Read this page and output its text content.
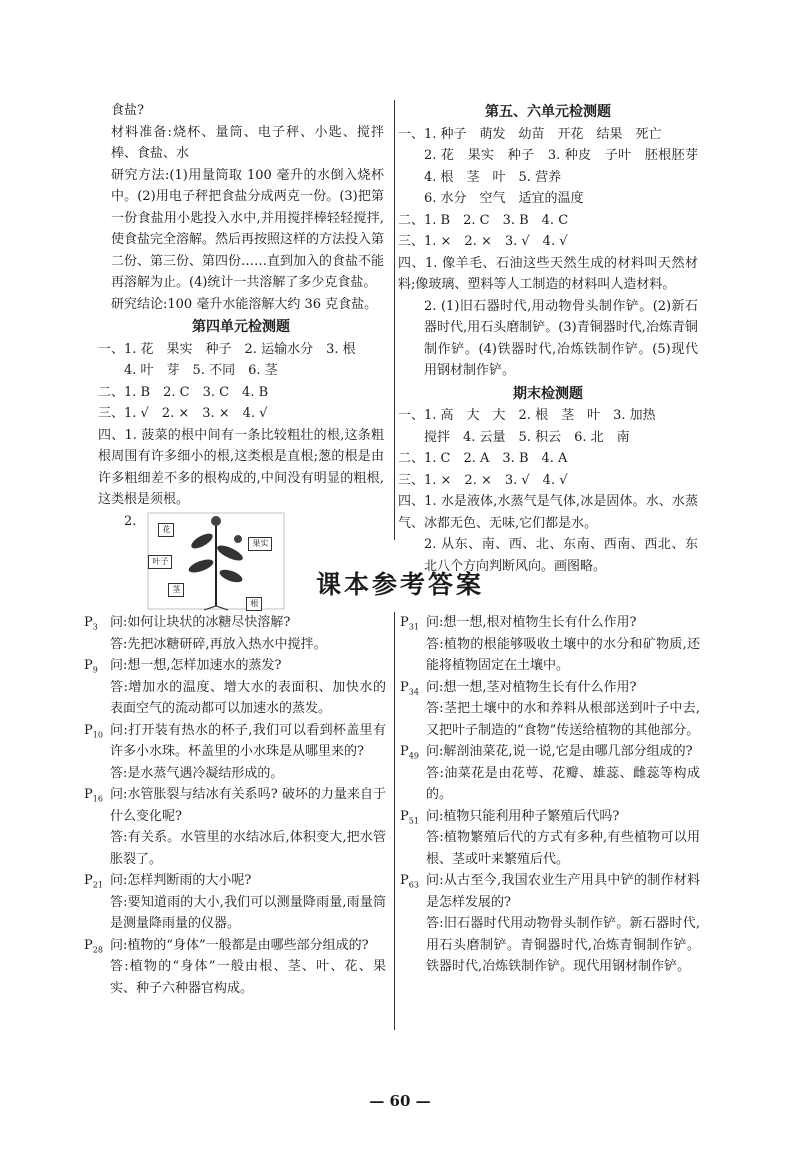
食盐?

材料准备:烧杯、量筒、电子秤、小匙、搅拌棒、食盐、水

研究方法:(1)用量筒取 100 毫升的水倒入烧杯中。(2)用电子秤把食盐分成两克一份。(3)把第一份食盐用小匙投入水中,并用搅拌棒轻轻搅拌,使食盐完全溶解。然后再按照这样的方法投入第二份、第三份、第四份……直到加入的食盐不能再溶解为止。(4)统计一共溶解了多少克食盐。

研究结论:100 毫升水能溶解大约 36 克食盐。

第四单元检测题

一、1. 花　果实　种子　2. 运输水分　3. 根

4. 叶　芽　5. 不同　6. 茎

二、1. B　2. C　3. C　4. B

三、1. √　2. ×　3. ×　4. √

四、1. 菠菜的根中间有一条比较粗壮的根,这条粗根周围有许多细小的根,这类根是直根;葱的根是由许多粗细差不多的根构成的,中间没有明显的粗根,这类根是须根。

2.
花
果实
叶子
茎
根
第五、六单元检测题

一、1. 种子　萌发　幼苗　开花　结果　死亡

2. 花　果实　种子　3. 种皮　子叶　胚根胚芽　4. 根　茎　叶　5. 营养

6. 水分　空气　适宜的温度

二、1. B　2. C　3. B　4. C

三、1. ×　2. ×　3. √　4. √

四、1. 像羊毛、石油这些天然生成的材料叫天然材料;像玻璃、塑料等人工制造的材料叫人造材料。

2. (1)旧石器时代,用动物骨头制作铲。(2)新石器时代,用石头磨制铲。(3)青铜器时代,冶炼青铜制作铲。(4)铁器时代,冶炼铁制作铲。(5)现代用钢材制作铲。

期末检测题

一、1. 高　大　大　2. 根　茎　叶　3. 加热

搅拌　4. 云量　5. 积云　6. 北　南

二、1. C　2. A　3. B　4. A

三、1. ×　2. ×　3. √　4. √

四、1. 水是液体,水蒸气是气体,冰是固体。水、水蒸气、冰都无色、无味,它们都是水。

2. 从东、南、西、北、东南、西南、西北、东北八个方向判断风向。画图略。

课本参考答案
$P_3$ 问:如何让块状的冰糖尽快溶解?

答:先把冰糖研碎,再放入热水中搅拌。

$P_9$ 问:想一想,怎样加速水的蒸发?

答:增加水的温度、增大水的表面积、加快水的表面空气的流动都可以加速水的蒸发。

$P_{10}$ 问:打开装有热水的杯子,我们可以看到杯盖里有许多小水珠。杯盖里的小水珠是从哪里来的?

答:是水蒸气遇冷凝结形成的。

$P_{16}$ 问:水管胀裂与结冰有关系吗? 破坏的力量来自于什么变化呢?

答:有关系。水管里的水结冰后,体积变大,把水管胀裂了。

$P_{21}$ 问:怎样判断雨的大小呢?

答:要知道雨的大小,我们可以测量降雨量,雨量筒是测量降雨量的仪器。

$P_{28}$ 问:植物的“身体”一般都是由哪些部分组成的?

答:植物的“身体”一般由根、茎、叶、花、果实、种子六种器官构成。

$P_{31}$ 问:想一想,根对植物生长有什么作用?

答:植物的根能够吸收土壤中的水分和矿物质,还能将植物固定在土壤中。

$P_{34}$ 问:想一想,茎对植物生长有什么作用?

答:茎把土壤中的水和养料从根部送到叶子中去,又把叶子制造的“食物”传送给植物的其他部分。

$P_{49}$ 问:解剖油菜花,说一说,它是由哪几部分组成的?

答:油菜花是由花萼、花瓣、雄蕊、雌蕊等构成的。

$P_{51}$ 问:植物只能利用种子繁殖后代吗?

答:植物繁殖后代的方式有多种,有些植物可以用根、茎或叶来繁殖后代。

$P_{63}$ 问:从古至今,我国农业生产用具中铲的制作材料是怎样发展的?

答:旧石器时代用动物骨头制作铲。新石器时代,用石头磨制铲。青铜器时代,冶炼青铜制作铲。铁器时代,冶炼铁制作铲。现代用钢材制作铲。

— 60 —
